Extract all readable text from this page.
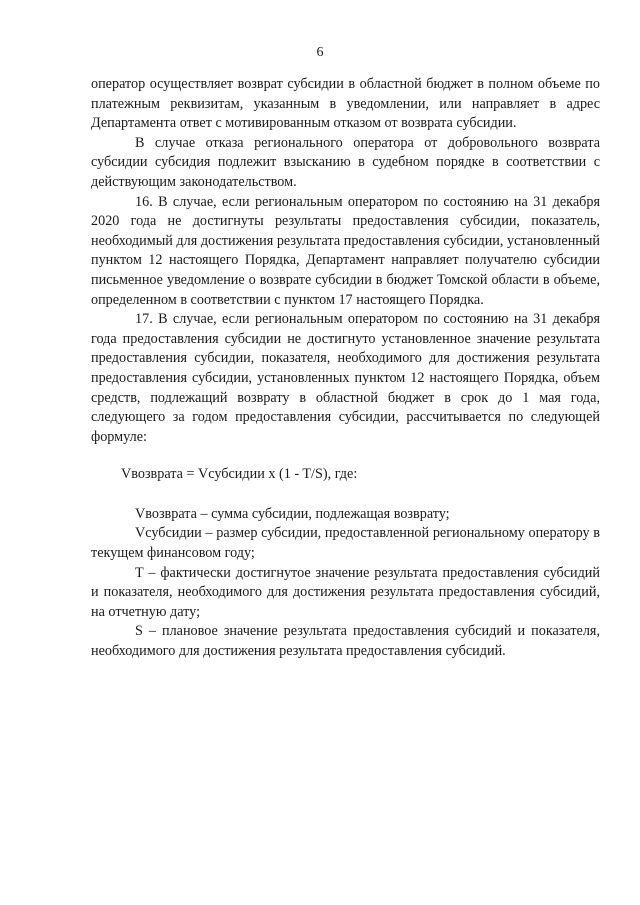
6

оператор осуществляет возврат субсидии в областной бюджет в полном объеме по платежным реквизитам, указанным в уведомлении, или направляет в адрес Департамента ответ с мотивированным отказом от возврата субсидии.

В случае отказа регионального оператора от добровольного возврата субсидии субсидия подлежит взысканию в судебном порядке в соответствии с действующим законодательством.

16. В случае, если региональным оператором по состоянию на 31 декабря 2020 года не достигнуты результаты предоставления субсидии, показатель, необходимый для достижения результата предоставления субсидии, установленный пунктом 12 настоящего Порядка, Департамент направляет получателю субсидии письменное уведомление о возврате субсидии в бюджет Томской области в объеме, определенном в соответствии с пунктом 17 настоящего Порядка.

17. В случае, если региональным оператором по состоянию на 31 декабря года предоставления субсидии не достигнуто установленное значение результата предоставления субсидии, показателя, необходимого для достижения результата предоставления субсидии, установленных пунктом 12 настоящего Порядка, объем средств, подлежащий возврату в областной бюджет в срок до 1 мая года, следующего за годом предоставления субсидии, рассчитывается по следующей формуле:

Vвозврата = Vсубсидии x (1 - T/S), где:

Vвозврата – сумма субсидии, подлежащая возврату;

Vсубсидии – размер субсидии, предоставленной региональному оператору в текущем финансовом году;

T – фактически достигнутое значение результата предоставления субсидий и показателя, необходимого для достижения результата предоставления субсидий, на отчетную дату;

S – плановое значение результата предоставления субсидий и показателя, необходимого для достижения результата предоставления субсидий.
